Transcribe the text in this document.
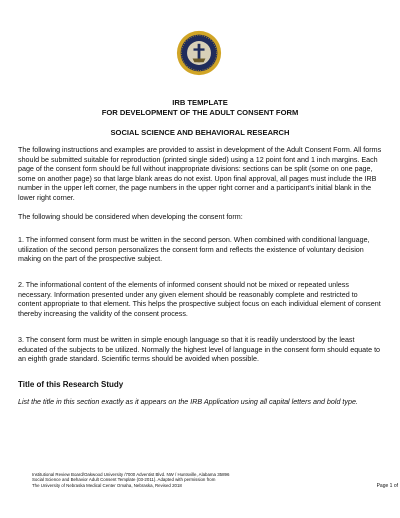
IRB TEMPLATE
FOR DEVELOPMENT OF THE ADULT CONSENT FORM
SOCIAL SCIENCE AND BEHAVIORAL RESEARCH

The following instructions and examples are provided to assist in development of the Adult Consent Form. All forms should be submitted suitable for reproduction (printed single sided) using a 12 point font and 1 inch margins. Each page of the consent form should be full without inappropriate divisions: sections can be split (some on one page, some on another page) so that large blank areas do not exist. Upon final approval, all pages must include the IRB number in the upper left corner, the page numbers in the upper right corner and a participant's initial blank in the lower right corner.

The following should be considered when developing the consent form:

1. The informed consent form must be written in the second person. When combined with conditional language, utilization of the second person personalizes the consent form and reflects the existence of voluntary decision making on the part of the prospective subject.

2. The informational content of the elements of informed consent should not be mixed or repeated unless necessary. Information presented under any given element should be reasonably complete and restricted to content appropriate to that element. This helps the prospective subject focus on each individual element of consent thereby increasing the validity of the consent process.

3. The consent form must be written in simple enough language so that it is readily understood by the least educated of the subjects to be utilized. Normally the highest level of language in the consent form should equate to an eighth grade standard. Scientific terms should be avoided when possible.

Title of this Research Study

List the title in this section exactly as it appears on the IRB Application using all capital letters and bold type.

Institutional Review Board/Oakwood University /7000 Adventist Blvd. NW / Huntsville, Alabama 35896
Social Science and Behavior Adult Consent Template (03-2011). Adapted with permission from
The University of Nebraska Medical Center Omaha, Nebraska, Revised 2018	Page 1 of
